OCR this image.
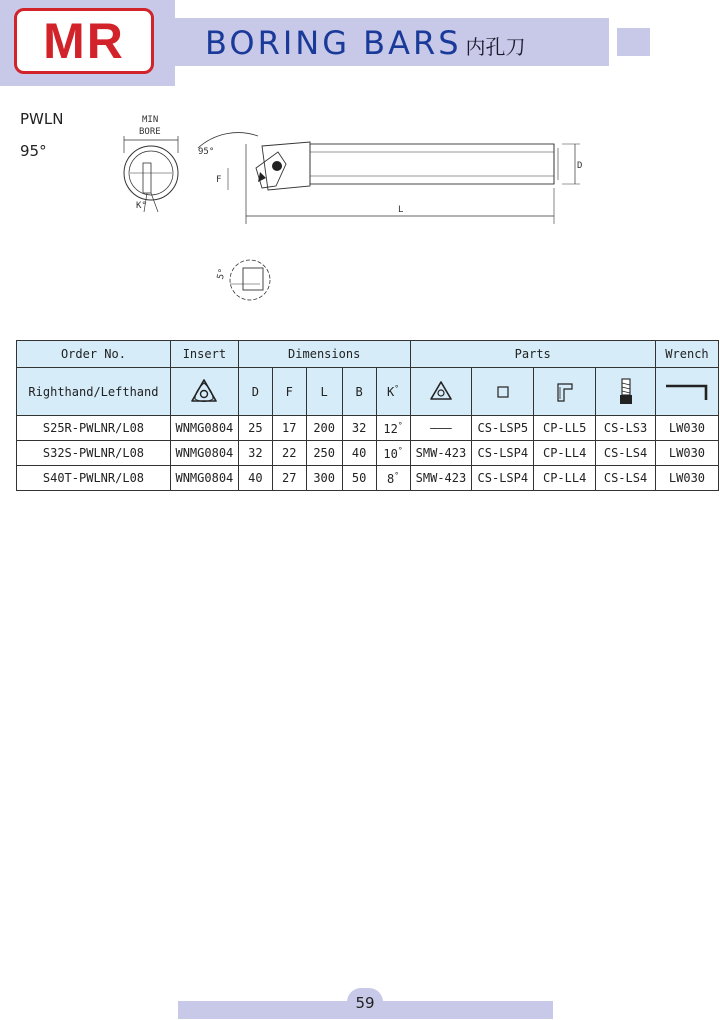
MR	BORING BARS 内孔刀
PWLN
95°
MIN
BORE
K°
95°
F
D
L
5°
Order No.	Insert	Dimensions					Parts				Wrench
Righthand/Lefthand		D	F	L	B	K°	

S25R-PWLNR/L08	WNMG0804	25	17	200	32	12°	———	CS-LSP5	CP-LL5	CS-LS3	LW030
S32S-PWLNR/L08	WNMG0804	32	22	250	40	10°	SMW-423	CS-LSP4	CP-LL4	CS-LS4	LW030
S40T-PWLNR/L08	WNMG0804	40	27	300	50	8°	SMW-423	CS-LSP4	CP-LL4	CS-LS4	LW030
59
